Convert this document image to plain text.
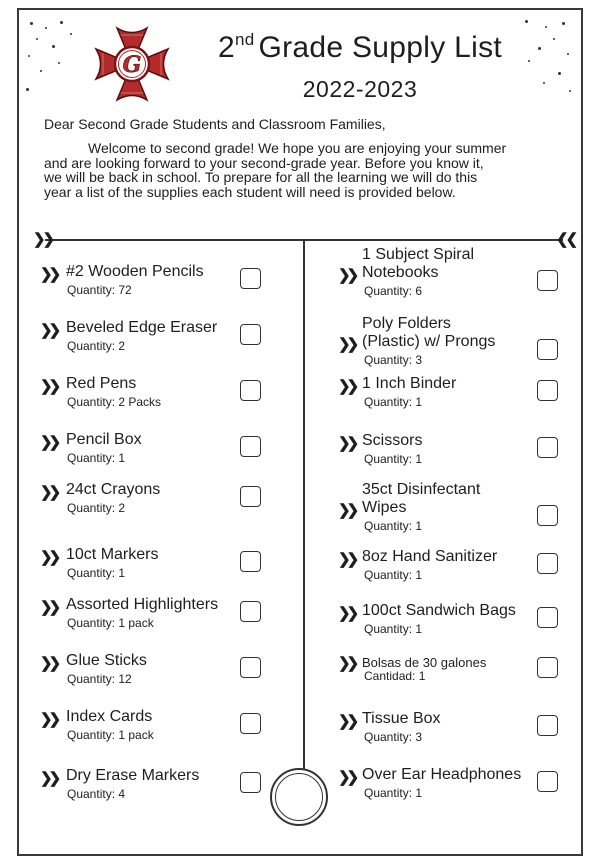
G
2nd Grade Supply List
2022-2023
Dear Second Grade Students and Classroom Families,
Welcome to second grade! We hope you are enjoying your summer
and are looking forward to your second-grade year. Before you know it,
we will be back in school. To prepare for all the learning we will do this
year a list of the supplies each student will need is provided below.
❯❯	❮❮
❯❯ #2 Wooden Pencils
Quantity: 72
❯❯ Beveled Edge Eraser
Quantity: 2
❯❯ Red Pens
Quantity: 2 Packs
❯❯ Pencil Box
Quantity: 1
❯❯ 24ct Crayons
Quantity: 2
❯❯ 10ct Markers
Quantity: 1
❯❯ Assorted Highlighters
Quantity: 1 pack
❯❯ Glue Sticks
Quantity: 12
❯❯ Index Cards
Quantity: 1 pack
❯❯ Dry Erase Markers
Quantity: 4
❯❯
1 Subject Spiral
Notebooks
Quantity: 6
❯❯
Poly Folders
(Plastic) w/ Prongs
Quantity: 3
❯❯ 1 Inch Binder
Quantity: 1
❯❯ Scissors
Quantity: 1
❯❯
35ct Disinfectant
Wipes
Quantity: 1
❯❯ 8oz Hand Sanitizer
Quantity: 1
❯❯ 100ct Sandwich Bags
Quantity: 1
❯❯ Bolsas de 30 galones
Cantidad: 1
❯❯ Tissue Box
Quantity: 3
❯❯ Over Ear Headphones
Quantity: 1
